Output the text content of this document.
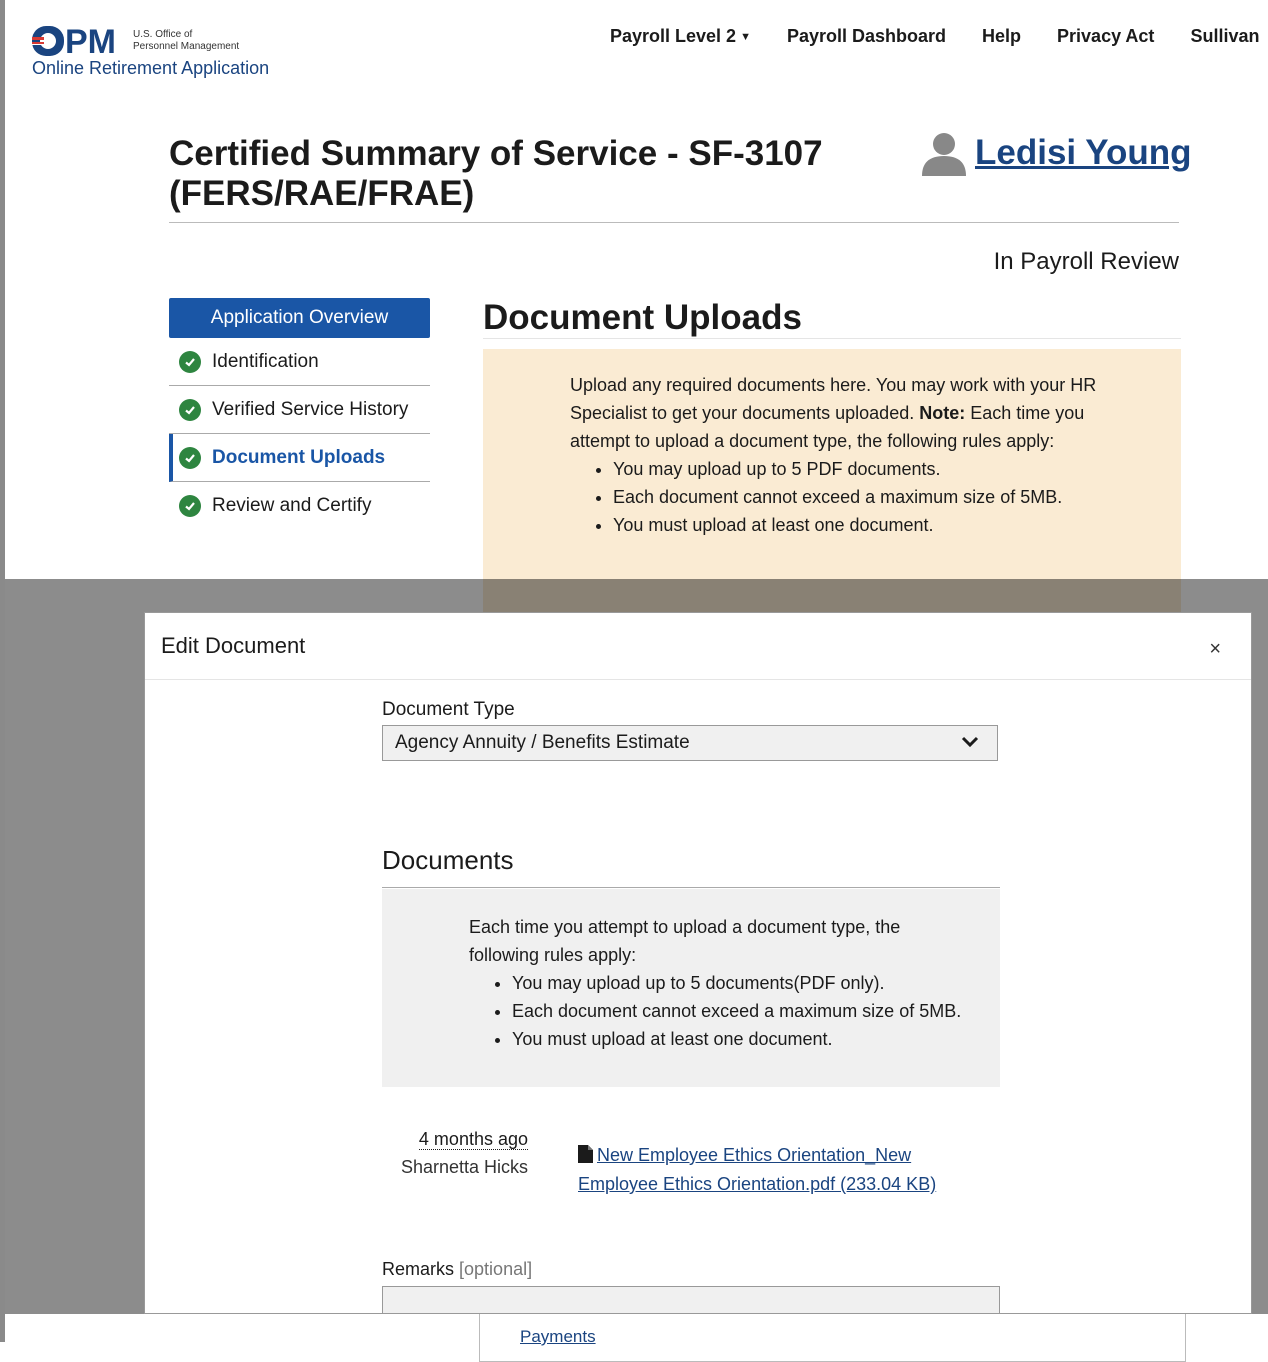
PM U.S. Office of
Personnel Management
Online Retirement Application
Payroll Level 2 ▼ Payroll Dashboard Help Privacy Act Sullivan
Certified Summary of Service - SF-3107 (FERS/RAE/FRAE)
Ledisi Young
In Payroll Review
Application Overview
Identification
Verified Service History
Document Uploads
Review and Certify
Document Uploads
Upload any required documents here. You may work with your HR Specialist to get your documents uploaded. Note: Each time you attempt to upload a document type, the following rules apply:
• You may upload up to 5 PDF documents.
• Each document cannot exceed a maximum size of 5MB.
• You must upload at least one document.
Payments
Edit Document	×
Document Type
Agency Annuity / Benefits Estimate
Documents
Each time you attempt to upload a document type, the following rules apply:
• You may upload up to 5 documents(PDF only).
• Each document cannot exceed a maximum size of 5MB.
• You must upload at least one document.
4 months ago
Sharnetta Hicks
New Employee Ethics Orientation_New Employee Ethics Orientation.pdf (233.04 KB)
Remarks [optional]
